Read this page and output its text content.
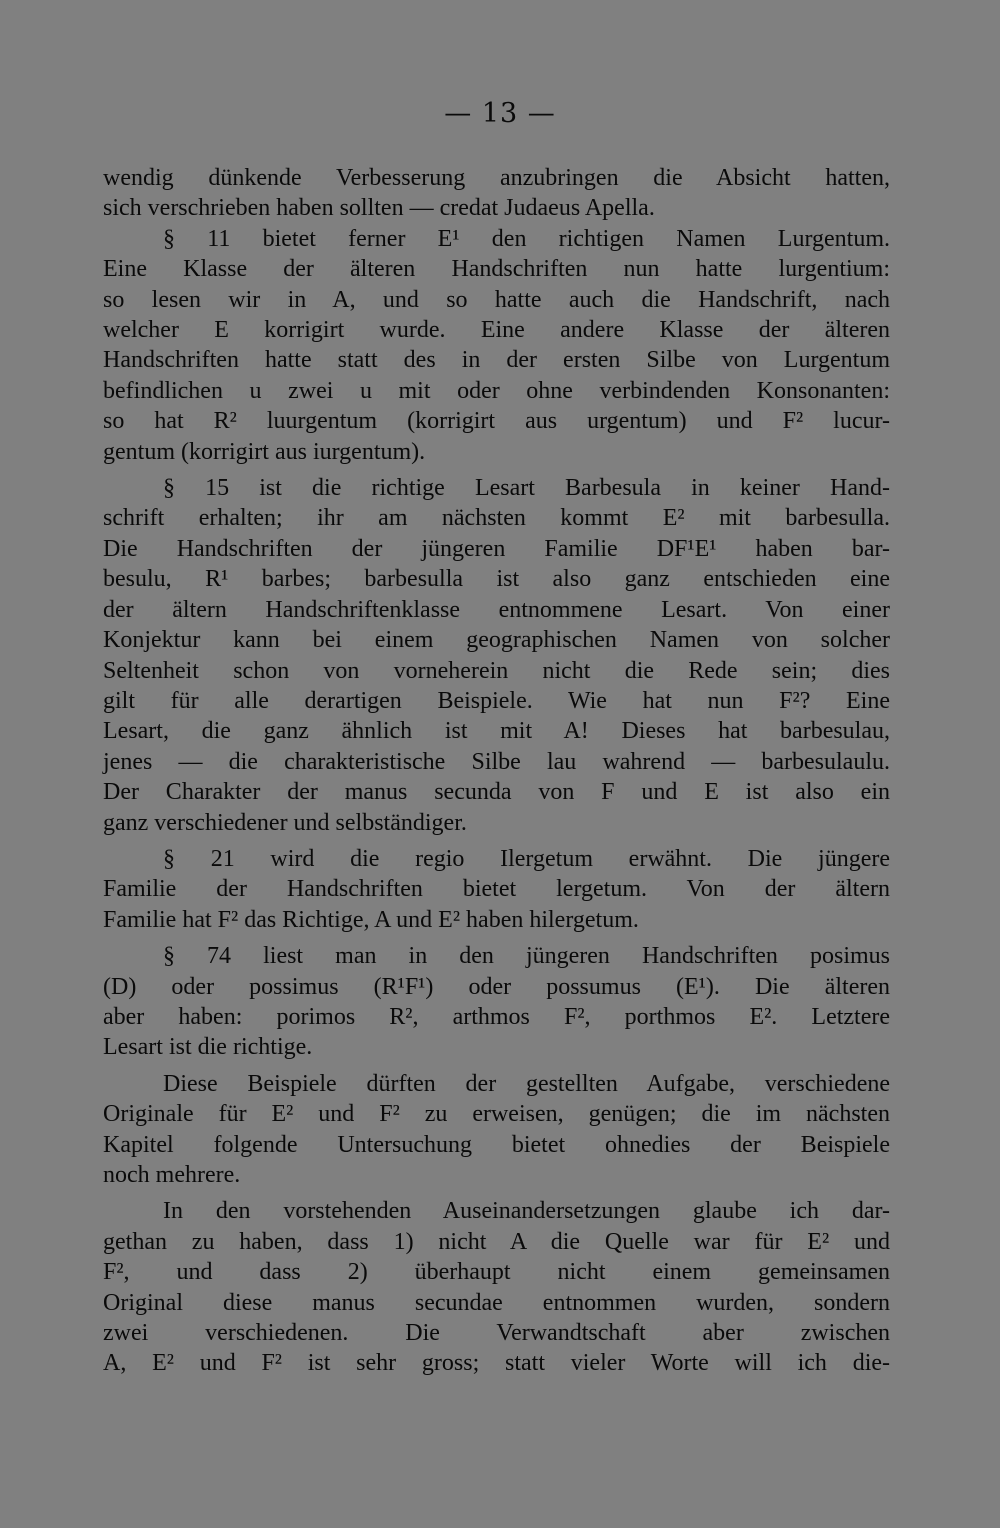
— 13 —
wendig dünkende Verbesserung anzubringen die Absicht hatten,
sich verschrieben haben sollten — credat Judaeus Apella.
§ 11 bietet ferner E¹ den richtigen Namen Lurgentum.
Eine Klasse der älteren Handschriften nun hatte lurgentium:
so lesen wir in A, und so hatte auch die Handschrift, nach
welcher E korrigirt wurde. Eine andere Klasse der älteren
Handschriften hatte statt des in der ersten Silbe von Lurgentum
befindlichen u zwei u mit oder ohne verbindenden Konsonanten:
so hat R² luurgentum (korrigirt aus urgentum) und F² lucur-
gentum (korrigirt aus iurgentum).
§ 15 ist die richtige Lesart Barbesula in keiner Hand-
schrift erhalten; ihr am nächsten kommt E² mit barbesulla.
Die Handschriften der jüngeren Familie DF¹E¹ haben bar-
besulu, R¹ barbes; barbesulla ist also ganz entschieden eine
der ältern Handschriftenklasse entnommene Lesart. Von einer
Konjektur kann bei einem geographischen Namen von solcher
Seltenheit schon von vorneherein nicht die Rede sein; dies
gilt für alle derartigen Beispiele. Wie hat nun F²? Eine
Lesart, die ganz ähnlich ist mit A! Dieses hat barbesulau,
jenes — die charakteristische Silbe lau wahrend — barbesulaulu.
Der Charakter der manus secunda von F und E ist also ein
ganz verschiedener und selbständiger.
§ 21 wird die regio Ilergetum erwähnt. Die jüngere
Familie der Handschriften bietet lergetum. Von der ältern
Familie hat F² das Richtige, A und E² haben hilergetum.
§ 74 liest man in den jüngeren Handschriften posimus
(D) oder possimus (R¹F¹) oder possumus (E¹). Die älteren
aber haben: porimos R², arthmos F², porthmos E². Letztere
Lesart ist die richtige.
Diese Beispiele dürften der gestellten Aufgabe, verschiedene
Originale für E² und F² zu erweisen, genügen; die im nächsten
Kapitel folgende Untersuchung bietet ohnedies der Beispiele
noch mehrere.
In den vorstehenden Auseinandersetzungen glaube ich dar-
gethan zu haben, dass 1) nicht A die Quelle war für E² und
F², und dass 2) überhaupt nicht einem gemeinsamen
Original diese manus secundae entnommen wurden, sondern
zwei verschiedenen. Die Verwandtschaft aber zwischen
A, E² und F² ist sehr gross; statt vieler Worte will ich die-
